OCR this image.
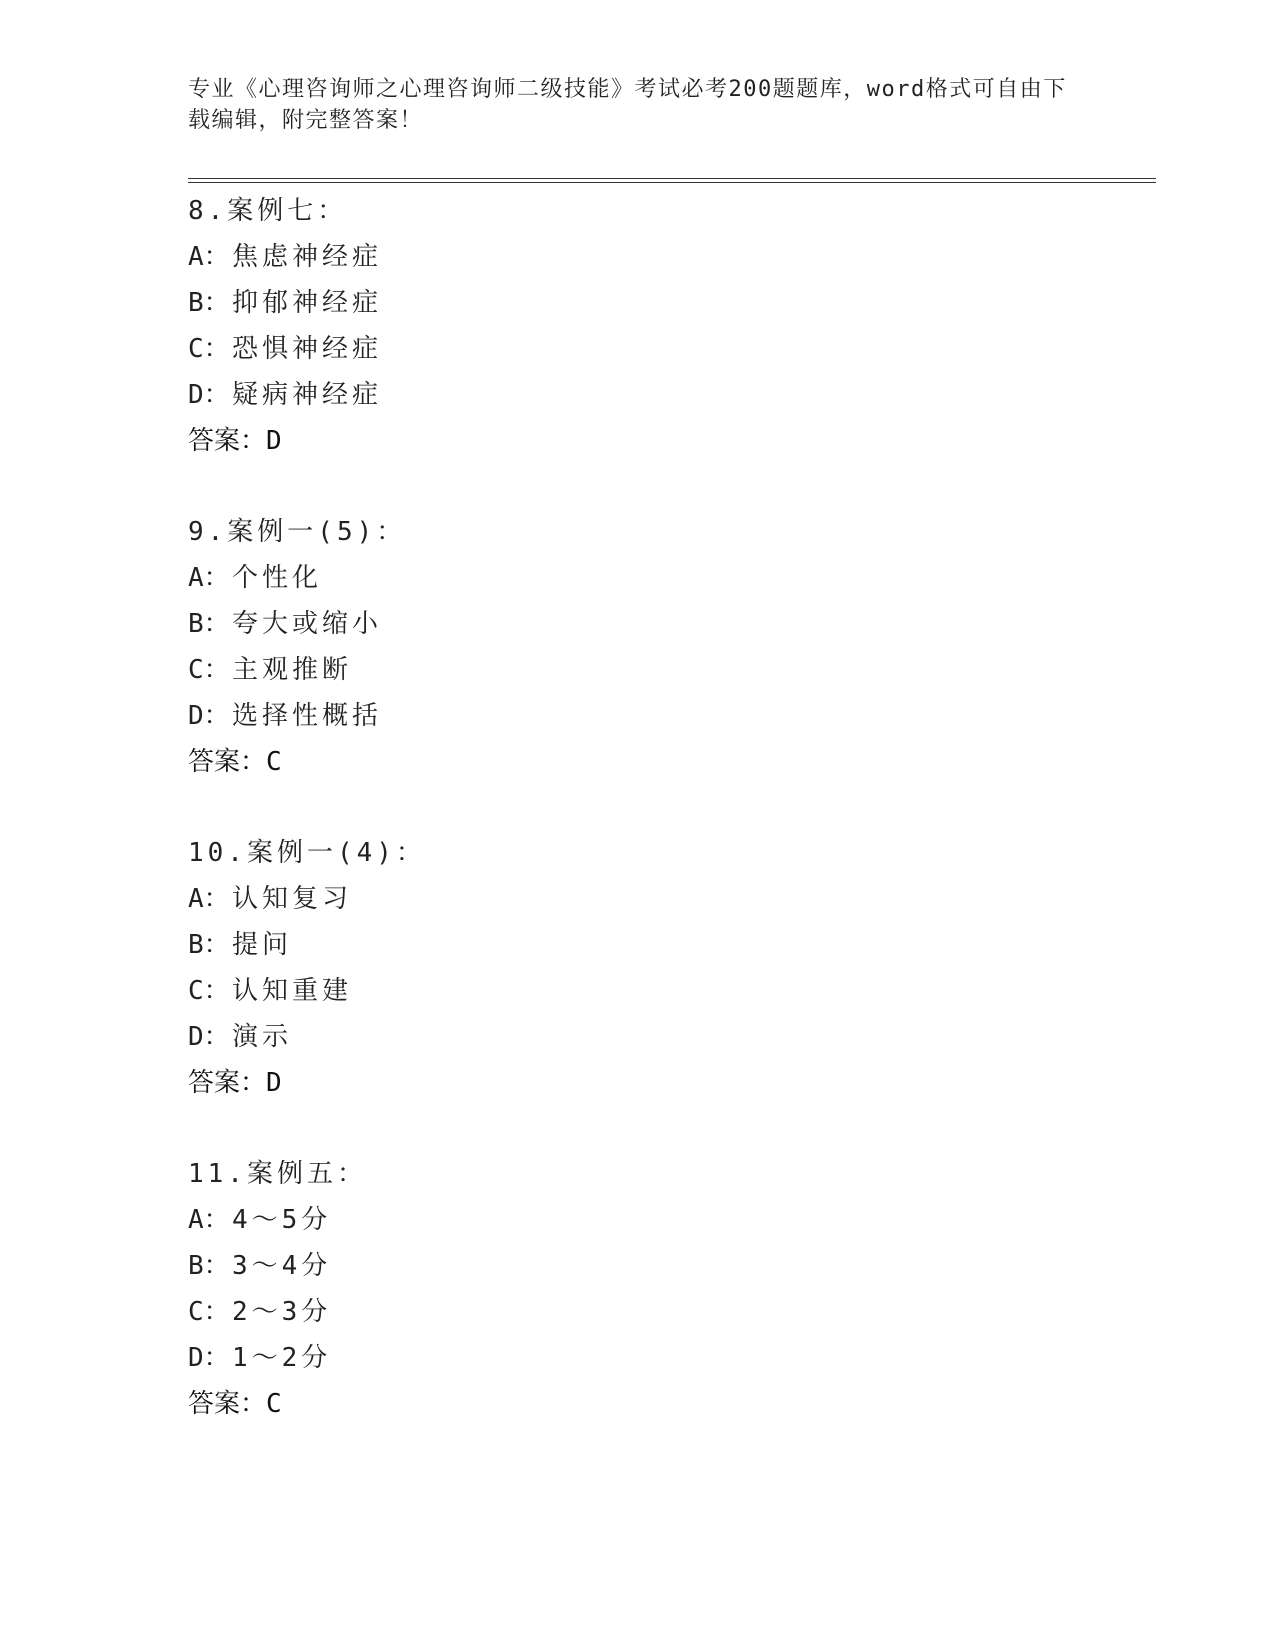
专业《心理咨询师之心理咨询师二级技能》考试必考200题题库，word格式可自由下载编辑，附完整答案！
8.案例七：
A：焦虑神经症
B：抑郁神经症
C：恐惧神经症
D：疑病神经症
答案：D
9.案例一(5)：
A：个性化
B：夸大或缩小
C：主观推断
D：选择性概括
答案：C
10.案例一(4)：
A：认知复习
B：提问
C：认知重建
D：演示
答案：D
11.案例五：
A：4～5分
B：3～4分
C：2～3分
D：1～2分
答案：C
